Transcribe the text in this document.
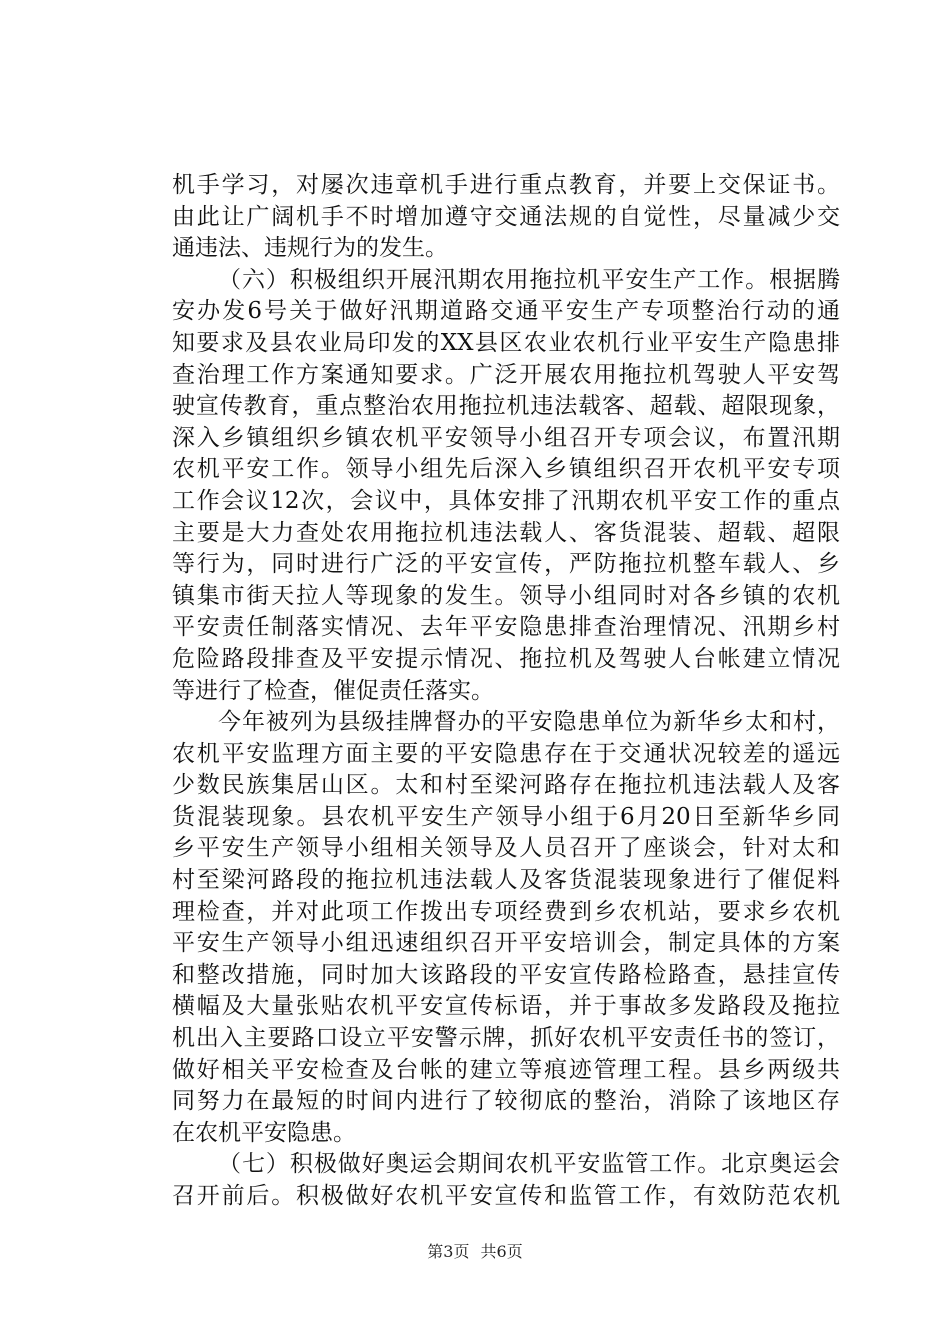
机手学习，对屡次违章机手进行重点教育，并要上交保证书。
由此让广阔机手不时增加遵守交通法规的自觉性，尽量减少交
通违法、违规行为的发生。
（六）积极组织开展汛期农用拖拉机平安生产工作。根据腾
安办发6号关于做好汛期道路交通平安生产专项整治行动的通
知要求及县农业局印发的XX县区农业农机行业平安生产隐患排
查治理工作方案通知要求。广泛开展农用拖拉机驾驶人平安驾
驶宣传教育，重点整治农用拖拉机违法载客、超载、超限现象，
深入乡镇组织乡镇农机平安领导小组召开专项会议，布置汛期
农机平安工作。领导小组先后深入乡镇组织召开农机平安专项
工作会议12次，会议中，具体安排了汛期农机平安工作的重点
主要是大力查处农用拖拉机违法载人、客货混装、超载、超限
等行为，同时进行广泛的平安宣传，严防拖拉机整车载人、乡
镇集市街天拉人等现象的发生。领导小组同时对各乡镇的农机
平安责任制落实情况、去年平安隐患排查治理情况、汛期乡村
危险路段排查及平安提示情况、拖拉机及驾驶人台帐建立情况
等进行了检查，催促责任落实。
今年被列为县级挂牌督办的平安隐患单位为新华乡太和村，
农机平安监理方面主要的平安隐患存在于交通状况较差的遥远
少数民族集居山区。太和村至梁河路存在拖拉机违法载人及客
货混装现象。县农机平安生产领导小组于6月20日至新华乡同
乡平安生产领导小组相关领导及人员召开了座谈会，针对太和
村至梁河路段的拖拉机违法载人及客货混装现象进行了催促料
理检查，并对此项工作拨出专项经费到乡农机站，要求乡农机
平安生产领导小组迅速组织召开平安培训会，制定具体的方案
和整改措施，同时加大该路段的平安宣传路检路查，悬挂宣传
横幅及大量张贴农机平安宣传标语，并于事故多发路段及拖拉
机出入主要路口设立平安警示牌，抓好农机平安责任书的签订，
做好相关平安检查及台帐的建立等痕迹管理工程。县乡两级共
同努力在最短的时间内进行了较彻底的整治，消除了该地区存
在农机平安隐患。
（七）积极做好奥运会期间农机平安监管工作。北京奥运会
召开前后。积极做好农机平安宣传和监管工作，有效防范农机
第3页 共6页
